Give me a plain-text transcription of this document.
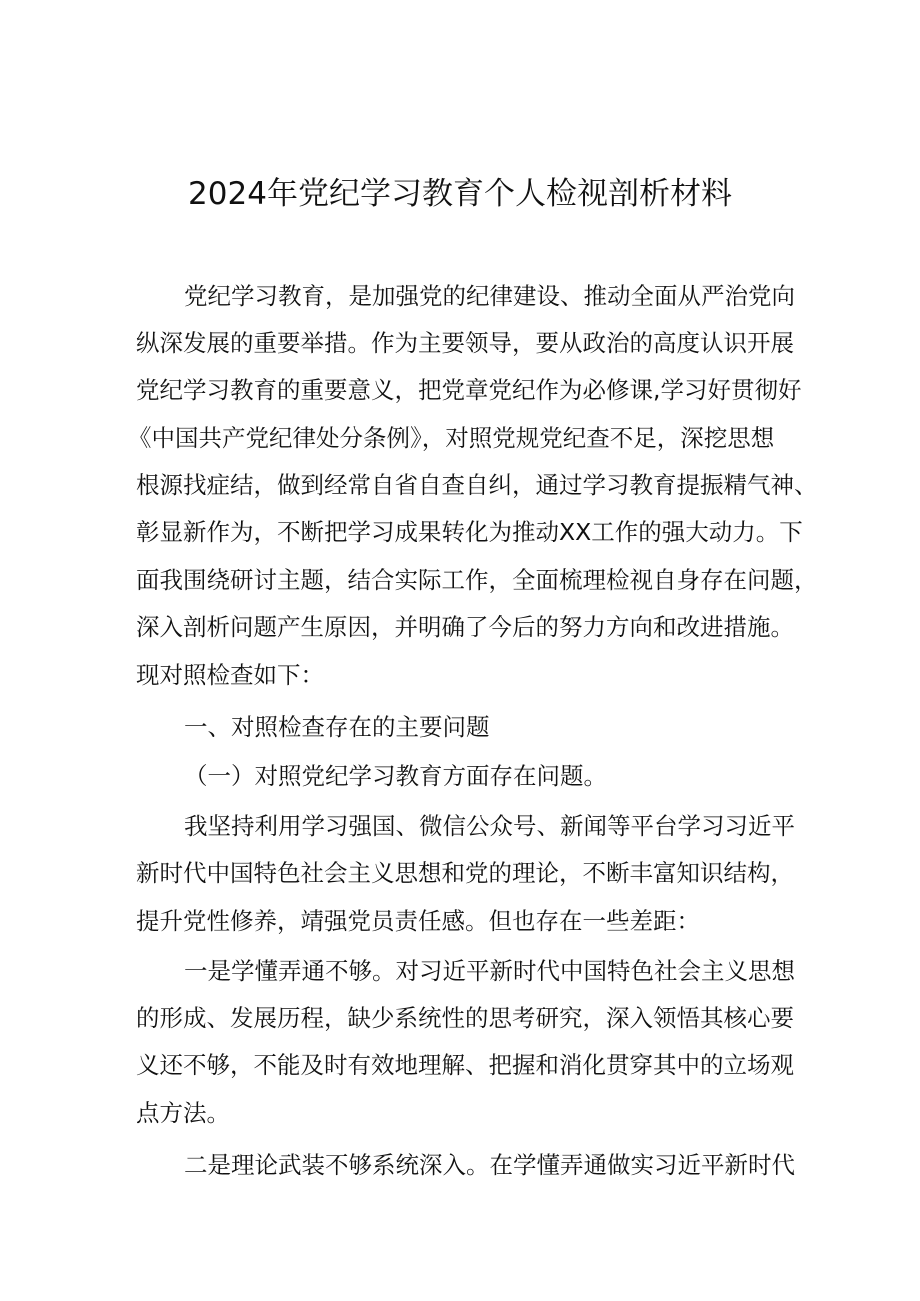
2024年党纪学习教育个人检视剖析材料
党纪学习教育，是加强党的纪律建设、推动全面从严治党向
纵深发展的重要举措。作为主要领导，要从政治的高度认识开展
党纪学习教育的重要意义，把党章党纪作为必修课,学习好贯彻好
《中国共产党纪律处分条例》，对照党规党纪查不足，深挖思想
根源找症结，做到经常自省自查自纠，通过学习教育提振精气神、
彰显新作为，不断把学习成果转化为推动XX工作的强大动力。下
面我围绕研讨主题，结合实际工作，全面梳理检视自身存在问题，
深入剖析问题产生原因，并明确了今后的努力方向和改进措施。
现对照检查如下：
一、对照检查存在的主要问题
（一）对照党纪学习教育方面存在问题。
我坚持利用学习强国、微信公众号、新闻等平台学习习近平
新时代中国特色社会主义思想和党的理论，不断丰富知识结构，
提升党性修养，靖强党员责任感。但也存在一些差距：
一是学懂弄通不够。对习近平新时代中国特色社会主义思想
的形成、发展历程，缺少系统性的思考研究，深入领悟其核心要
义还不够，不能及时有效地理解、把握和消化贯穿其中的立场观
点方法。
二是理论武装不够系统深入。在学懂弄通做实习近平新时代
